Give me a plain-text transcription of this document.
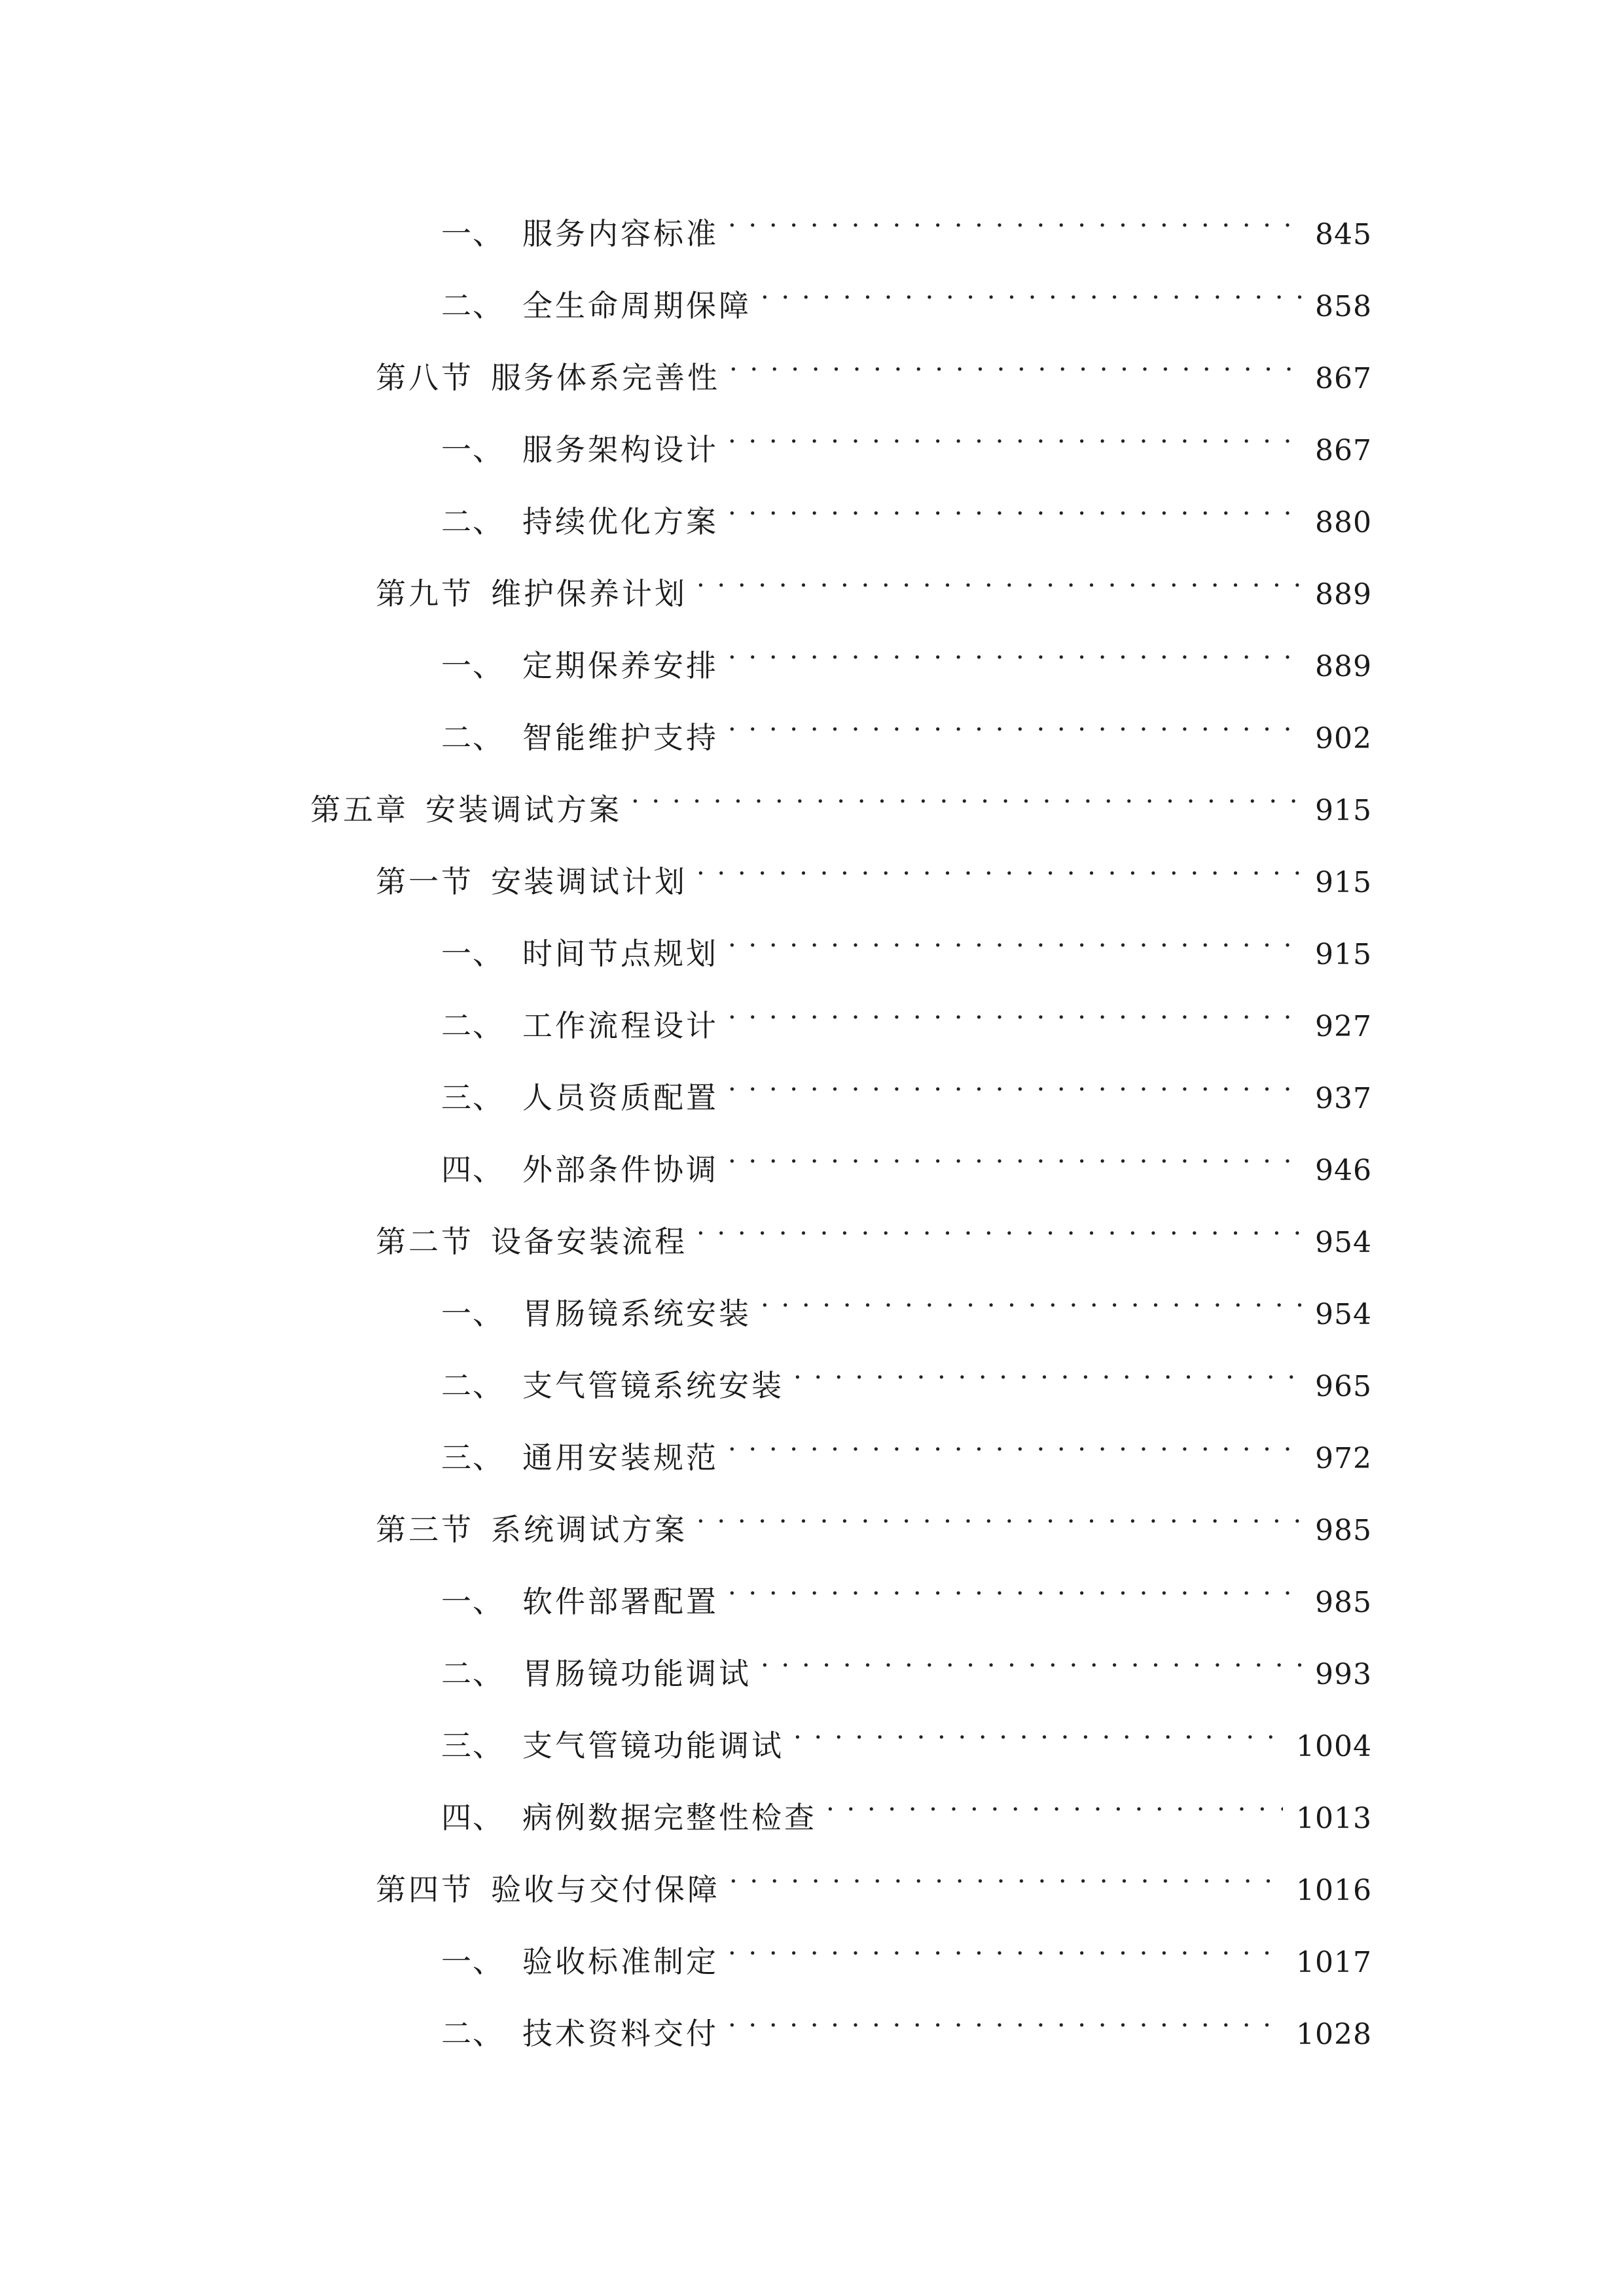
一、 服务内容标准 . . .	845
二、 全生命周期保障 . . .	858
第八节 服务体系完善性 . . .	867
一、 服务架构设计 . . .	867
二、 持续优化方案 . . .	880
第九节 维护保养计划 . . .	889
一、 定期保养安排 . . .	889
二、 智能维护支持 . . .	902
第五章 安装调试方案 . . .	915
第一节 安装调试计划 . . .	915
一、 时间节点规划 . . .	915
二、 工作流程设计 . . .	927
三、 人员资质配置 . . .	937
四、 外部条件协调 . . .	946
第二节 设备安装流程 . . .	954
一、 胃肠镜系统安装 . . .	954
二、 支气管镜系统安装 . . .	965
三、 通用安装规范 . . .	972
第三节 系统调试方案 . . .	985
一、 软件部署配置 . . .	985
二、 胃肠镜功能调试 . . .	993
三、 支气管镜功能调试 . . .	1004
四、 病例数据完整性检查 . . .	1013
第四节 验收与交付保障 . . .	1016
一、 验收标准制定 . . .	1017
二、 技术资料交付 . . .	1028
